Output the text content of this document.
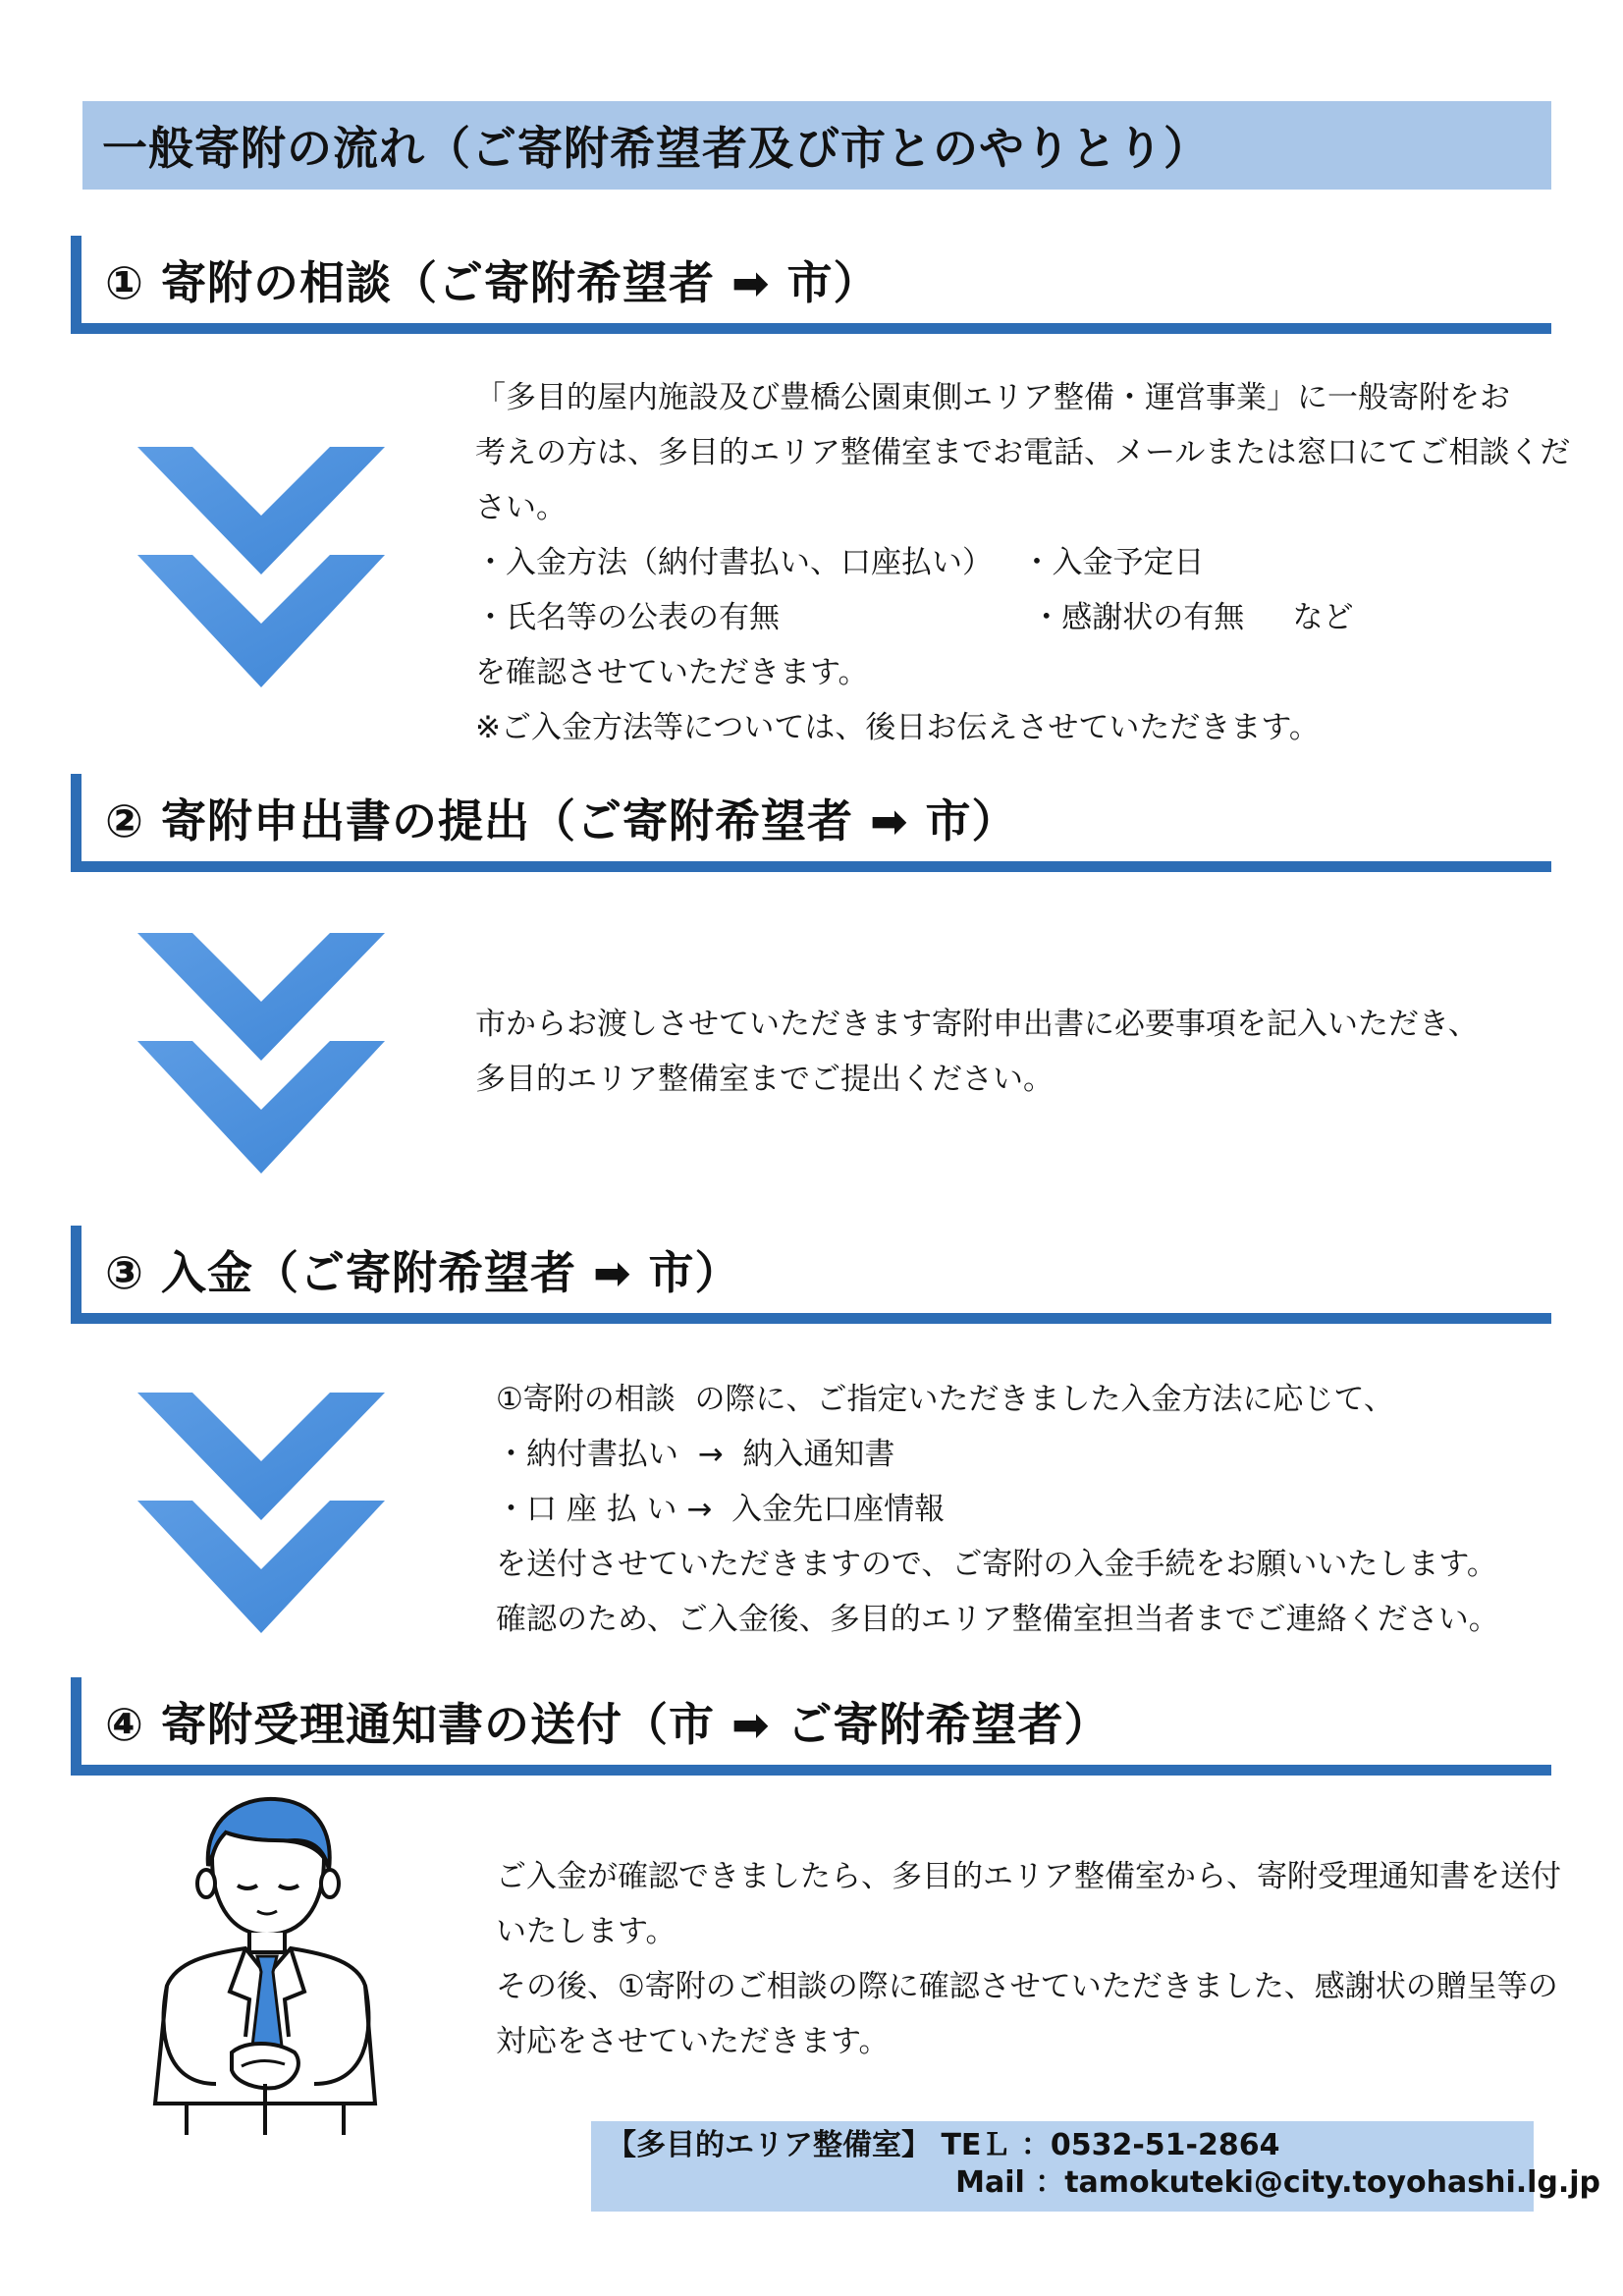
一般寄附の流れ（ご寄附希望者及び市とのやりとり）
① 寄附の相談（ご寄附希望者 ➡ 市）
「多目的屋内施設及び豊橋公園東側エリア整備・運営事業」に一般寄附をお
考えの方は、多目的エリア整備室までお電話、メールまたは窓口にてご相談くだ
さい。
・入金方法（納付書払い、口座払い）   ・入金予定日
・氏名等の公表の有無                          ・感謝状の有無     など
を確認させていただきます。
※ご入金方法等については、後日お伝えさせていただきます。
② 寄附申出書の提出（ご寄附希望者 ➡ 市）
市からお渡しさせていただきます寄附申出書に必要事項を記入いただき、
多目的エリア整備室までご提出ください。
③ 入金（ご寄附希望者 ➡ 市）
①寄附の相談  の際に、ご指定いただきました入金方法に応じて、
・納付書払い  →  納入通知書
・口 座 払 い →  入金先口座情報
を送付させていただきますので、ご寄附の入金手続をお願いいたします。
確認のため、ご入金後、多目的エリア整備室担当者までご連絡ください。
④ 寄附受理通知書の送付（市 ➡ ご寄附希望者）
ご入金が確認できましたら、多目的エリア整備室から、寄附受理通知書を送付
いたします。
その後、①寄附のご相談の際に確認させていただきました、感謝状の贈呈等の
対応をさせていただきます。
【多目的エリア整備室】 TEＬ ：0532-51-2864
Mail ：tamokuteki@city.toyohashi.lg.jp
